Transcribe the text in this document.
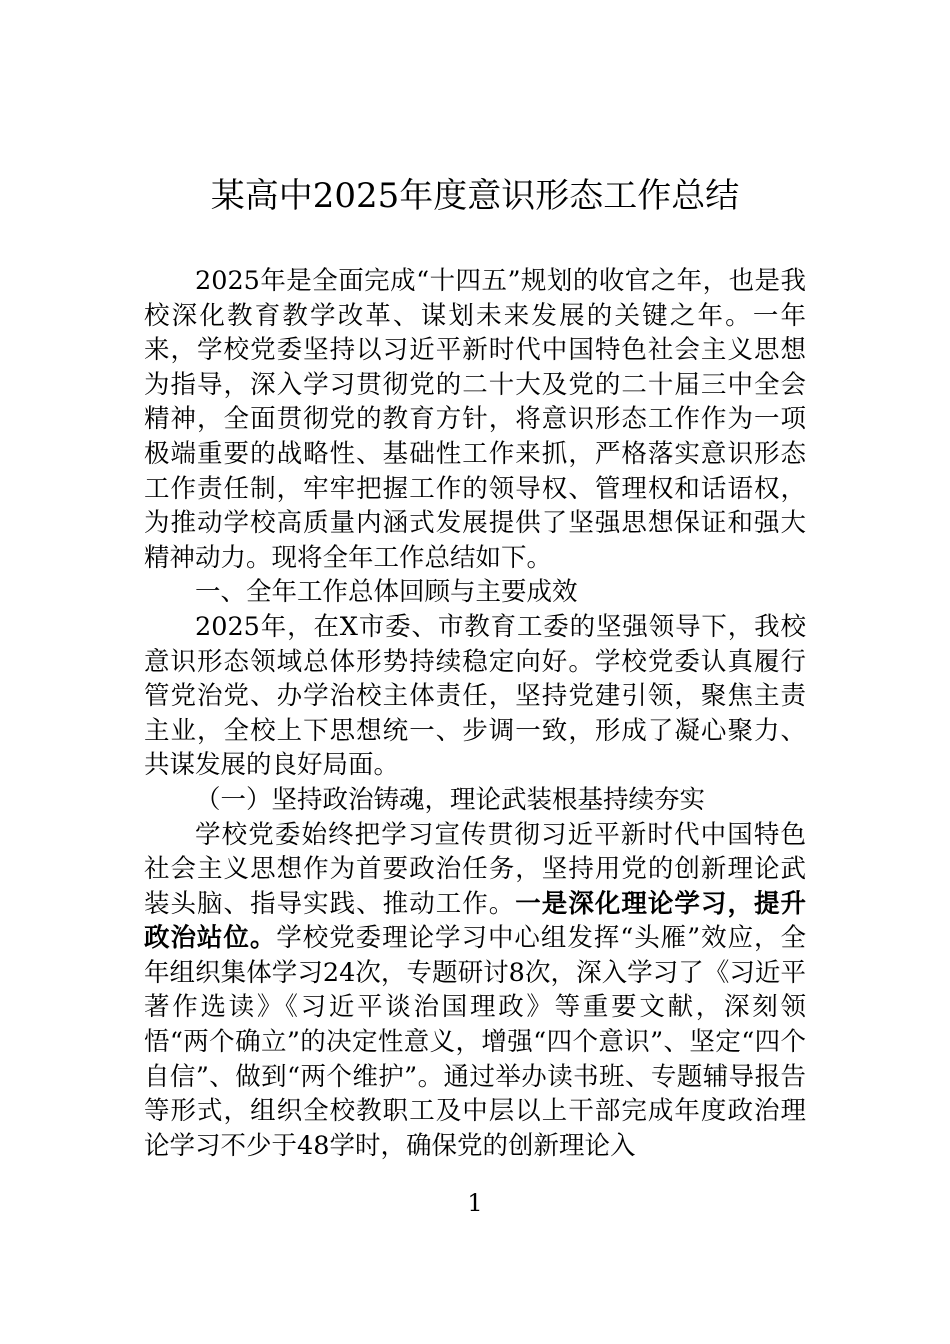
某高中2025年度意识形态工作总结

2025年是全面完成“十四五”规划的收官之年，也是我校深化教育教学改革、谋划未来发展的关键之年。一年来，学校党委坚持以习近平新时代中国特色社会主义思想为指导，深入学习贯彻党的二十大及党的二十届三中全会精神，全面贯彻党的教育方针，将意识形态工作作为一项极端重要的战略性、基础性工作来抓，严格落实意识形态工作责任制，牢牢把握工作的领导权、管理权和话语权，为推动学校高质量内涵式发展提供了坚强思想保证和强大精神动力。现将全年工作总结如下。

一、全年工作总体回顾与主要成效

2025年，在X市委、市教育工委的坚强领导下，我校意识形态领域总体形势持续稳定向好。学校党委认真履行管党治党、办学治校主体责任，坚持党建引领，聚焦主责主业，全校上下思想统一、步调一致，形成了凝心聚力、共谋发展的良好局面。

（一）坚持政治铸魂，理论武装根基持续夯实

学校党委始终把学习宣传贯彻习近平新时代中国特色社会主义思想作为首要政治任务，坚持用党的创新理论武装头脑、指导实践、推动工作。一是深化理论学习，提升政治站位。学校党委理论学习中心组发挥“头雁”效应，全年组织集体学习24次，专题研讨8次，深入学习了《习近平著作选读》《习近平谈治国理政》等重要文献，深刻领悟“两个确立”的决定性意义，增强“四个意识”、坚定“四个自信”、做到“两个维护”。通过举办读书班、专题辅导报告等形式，组织全校教职工及中层以上干部完成年度政治理论学习不少于48学时，确保党的创新理论入

1
